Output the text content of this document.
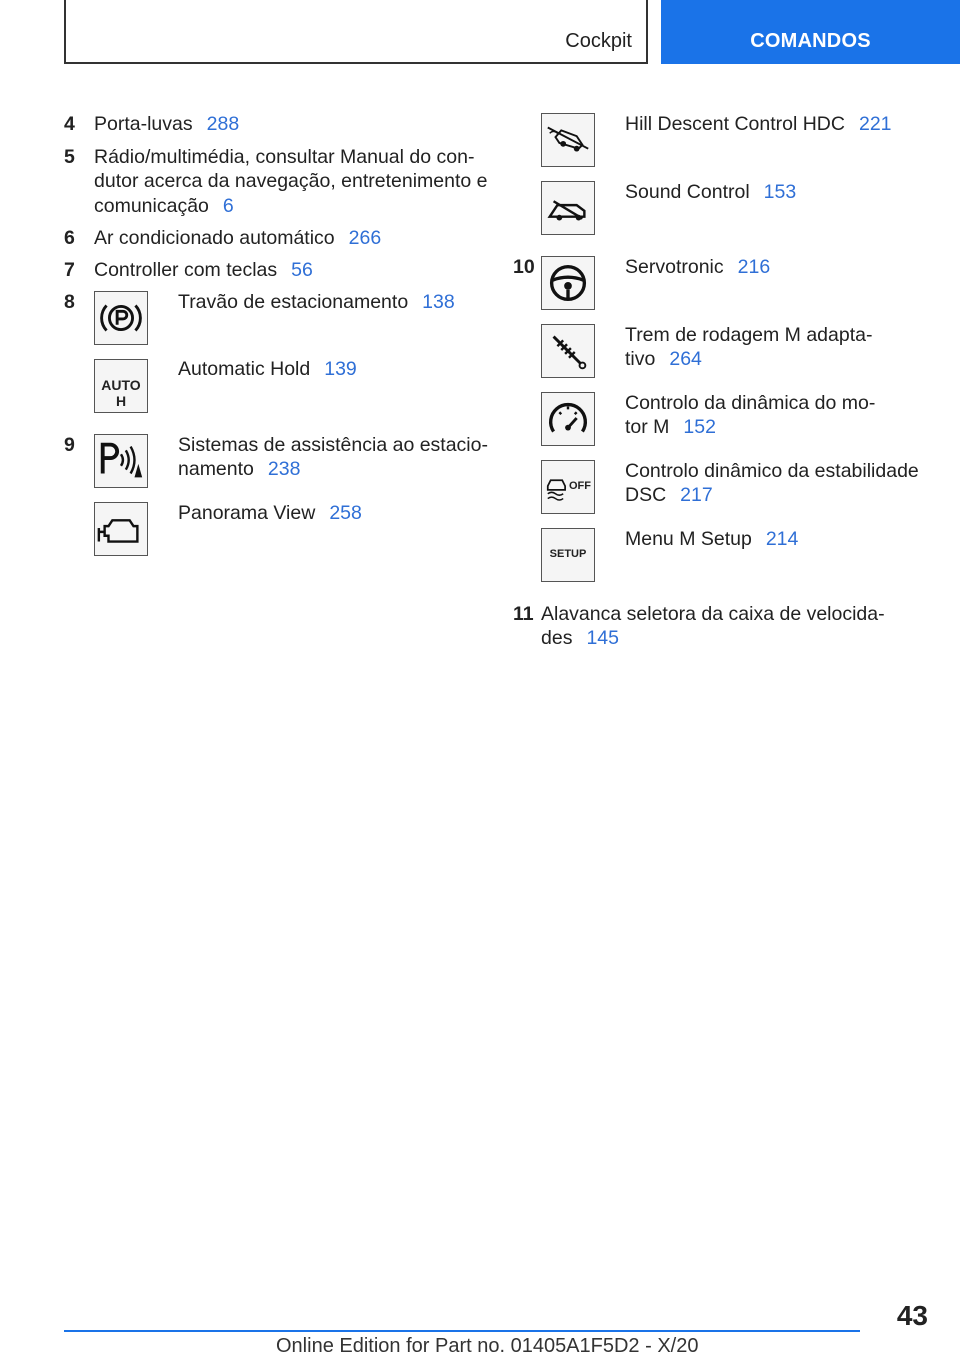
Cockpit	COMANDOS
4 Porta-luvas 288
5 Rádio/multimédia, consultar Manual do con-
dutor acerca da navegação, entretenimento e
comunicação 6
6 Ar condicionado automático 266
7 Controller com teclas 56
8	Travão de estacionamento 138
AUTO H
Automatic Hold 139
9	Sistemas de assistência ao estacio-
namento 238
Panorama View 258
Hill Descent Control HDC 221
Sound Control 153
10	Servotronic 216
Trem de rodagem M adapta-
tivo 264
Controlo da dinâmica do mo-
tor M 152
OFF
Controlo dinâmico da estabilidade
DSC 217
SETUP
Menu M Setup 214
11 Alavanca seletora da caixa de velocida-
des 145
43
Online Edition for Part no. 01405A1F5D2 - X/20
